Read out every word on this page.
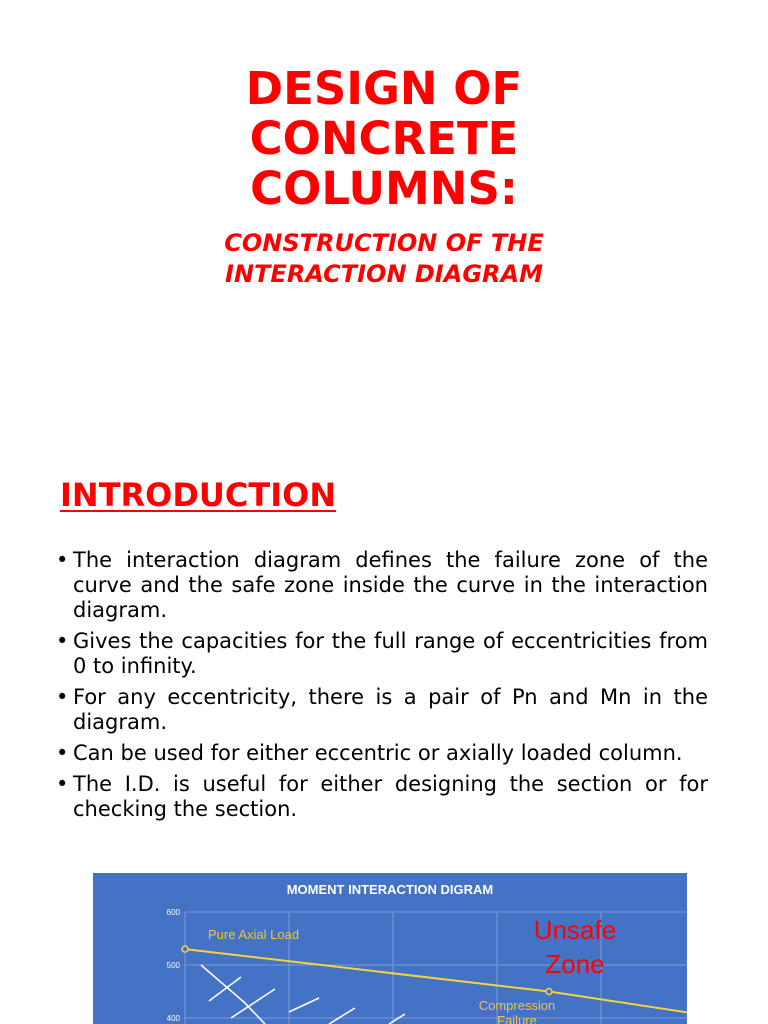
DESIGN OF
CONCRETE
COLUMNS:
CONSTRUCTION OF THE
INTERACTION DIAGRAM
INTRODUCTION
• The interaction diagram defines the failure zone of the curve and the safe zone inside the curve in the interaction diagram.
• Gives the capacities for the full range of eccentricities from 0 to infinity.
• For any eccentricity, there is a pair of Pn and Mn in the diagram.
• Can be used for either eccentric or axially loaded column.
• The I.D. is useful for either designing the section or for checking the section.
MOMENT INTERACTION DIGRAM
600
500
400
Pure Axial Load	Unsafe
Zone
Compression
Failure
